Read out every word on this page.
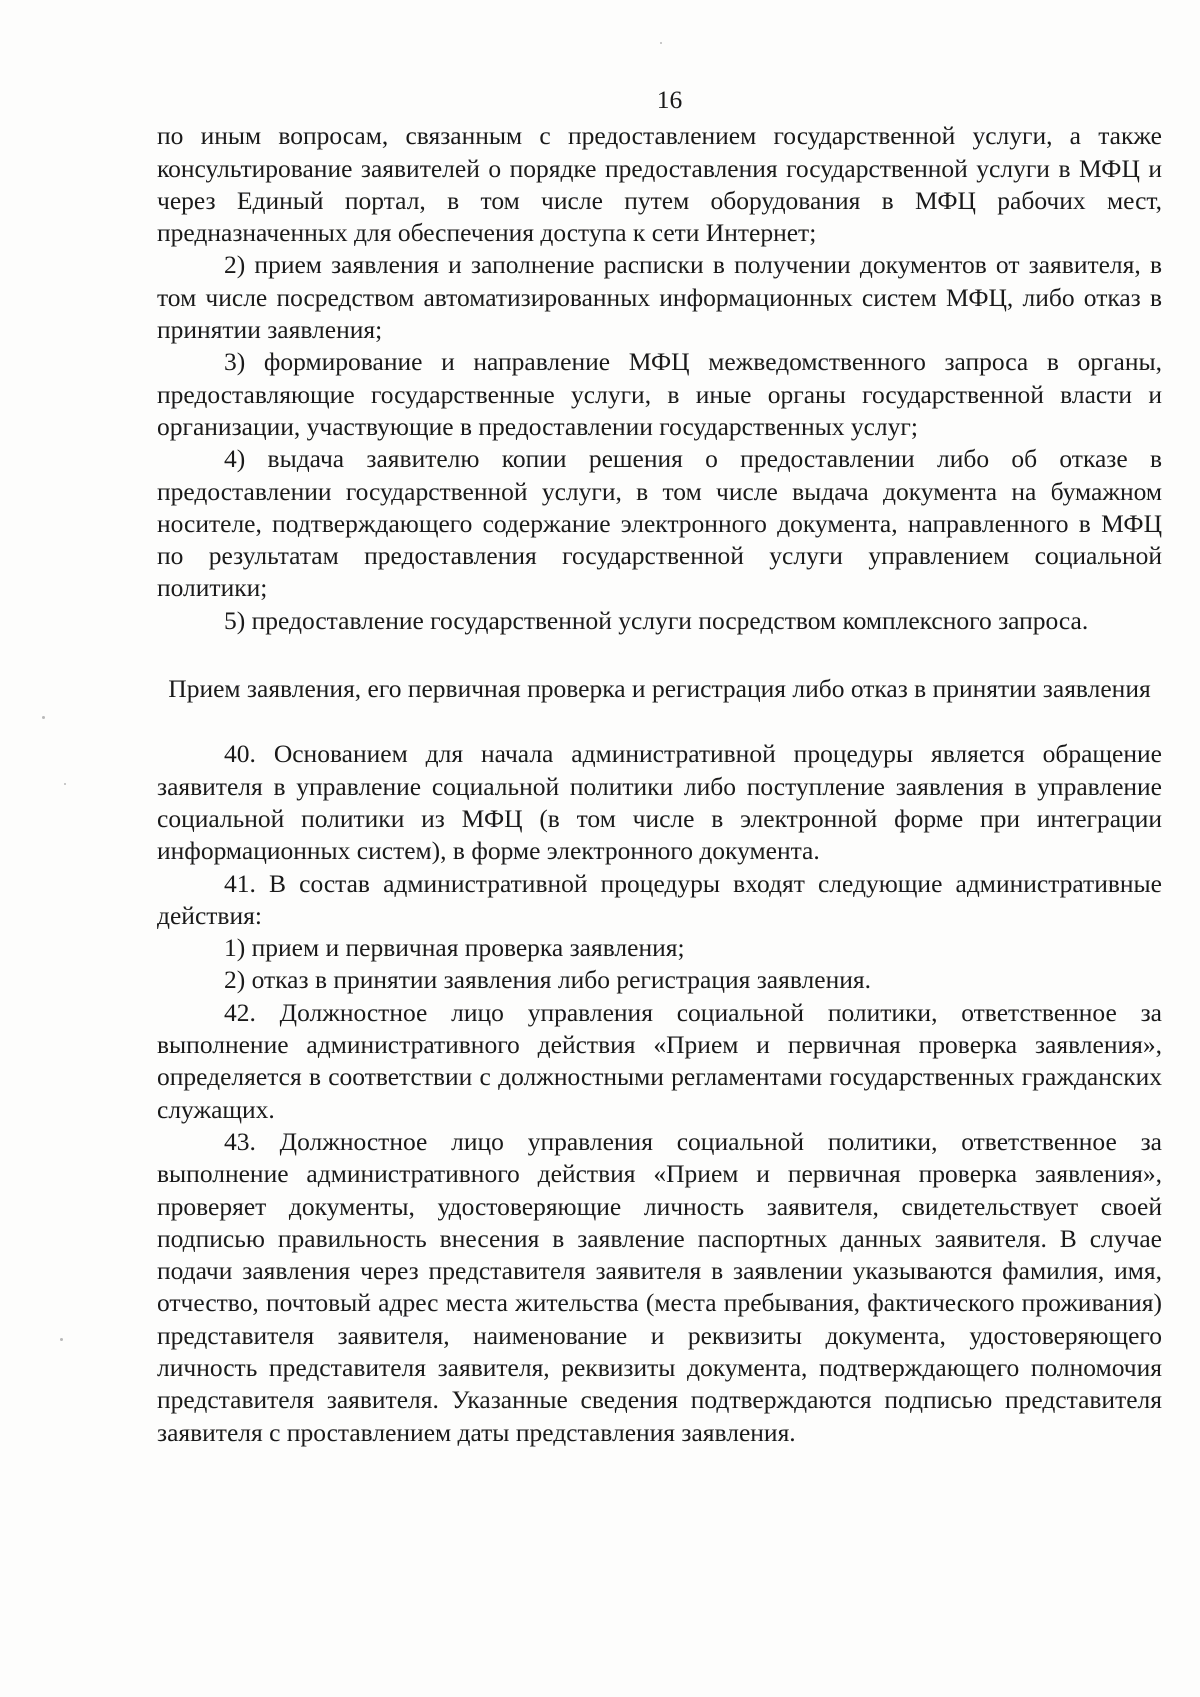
16

по иным вопросам, связанным с предоставлением государственной услуги, а также консультирование заявителей о порядке предоставления государственной услуги в МФЦ и через Единый портал, в том числе путем оборудования в МФЦ рабочих мест, предназначенных для обеспечения доступа к сети Интернет;

2) прием заявления и заполнение расписки в получении документов от заявителя, в том числе посредством автоматизированных информационных систем МФЦ, либо отказ в принятии заявления;

3) формирование и направление МФЦ межведомственного запроса в органы, предоставляющие государственные услуги, в иные органы государственной власти и организации, участвующие в предоставлении государственных услуг;

4) выдача заявителю копии решения о предоставлении либо об отказе в предоставлении государственной услуги, в том числе выдача документа на бумажном носителе, подтверждающего содержание электронного документа, направленного в МФЦ по результатам предоставления государственной услуги управлением социальной политики;

5) предоставление государственной услуги посредством комплексного запроса.

Прием заявления, его первичная проверка и регистрация либо отказ в принятии заявления

40. Основанием для начала административной процедуры является обращение заявителя в управление социальной политики либо поступление заявления в управление социальной политики из МФЦ (в том числе в электронной форме при интеграции информационных систем), в форме электронного документа.

41. В состав административной процедуры входят следующие административные действия:

1) прием и первичная проверка заявления;

2) отказ в принятии заявления либо регистрация заявления.

42. Должностное лицо управления социальной политики, ответственное за выполнение административного действия «Прием и первичная проверка заявления», определяется в соответствии с должностными регламентами государственных гражданских служащих.

43. Должностное лицо управления социальной политики, ответственное за выполнение административного действия «Прием и первичная проверка заявления», проверяет документы, удостоверяющие личность заявителя, свидетельствует своей подписью правильность внесения в заявление паспортных данных заявителя. В случае подачи заявления через представителя заявителя в заявлении указываются фамилия, имя, отчество, почтовый адрес места жительства (места пребывания, фактического проживания) представителя заявителя, наименование и реквизиты документа, удостоверяющего личность представителя заявителя, реквизиты документа, подтверждающего полномочия представителя заявителя. Указанные сведения подтверждаются подписью представителя заявителя с проставлением даты представления заявления.
